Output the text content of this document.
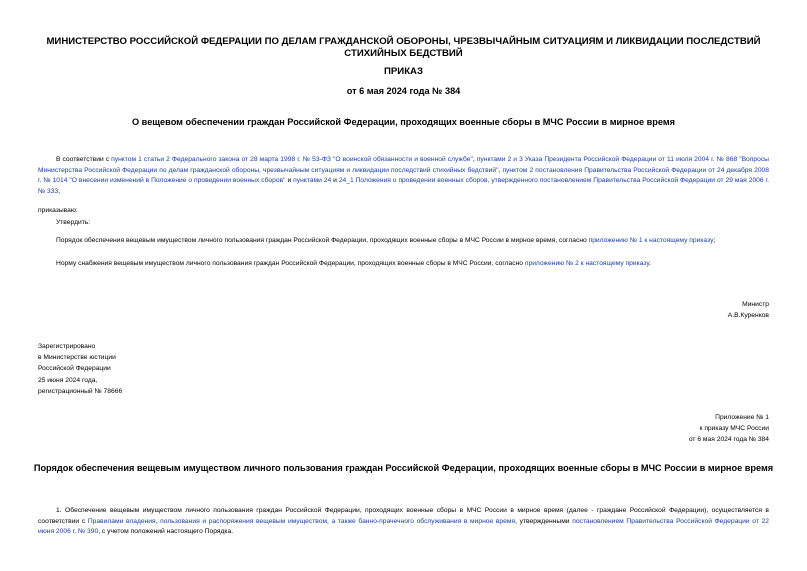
МИНИСТЕРСТВО РОССИЙСКОЙ ФЕДЕРАЦИИ ПО ДЕЛАМ ГРАЖДАНСКОЙ ОБОРОНЫ, ЧРЕЗВЫЧАЙНЫМ СИТУАЦИЯМ И ЛИКВИДАЦИИ ПОСЛЕДСТВИЙ СТИХИЙНЫХ БЕДСТВИЙ
ПРИКАЗ
от 6 мая 2024 года № 384
О вещевом обеспечении граждан Российской Федерации, проходящих военные сборы в МЧС России в мирное время
В соответствии с пунктом 1 статьи 2 Федерального закона от 28 марта 1998 г. № 53-ФЗ "О воинской обязанности и военной службе", пунктами 2 и 3 Указа Президента Российской Федерации от 11 июля 2004 г. № 868 "Вопросы Министерства Российской Федерации по делам гражданской обороны, чрезвычайным ситуациям и ликвидации последствий стихийных бедствий", пунктом 2 постановления Правительства Российской Федерации от 24 декабря 2008 г. № 1014 "О внесении изменений в Положение о проведении военных сборов" и пунктами 24 и 24_1 Положения о проведении военных сборов, утвержденного постановлением Правительства Российской Федерации от 29 мая 2006 г. № 333,
приказываю:
Утвердить:
Порядок обеспечения вещевым имуществом личного пользования граждан Российской Федерации, проходящих военные сборы в МЧС России в мирное время, согласно приложению № 1 к настоящему приказу;
Норму снабжения вещевым имуществом личного пользования граждан Российской Федерации, проходящих военные сборы в МЧС России, согласно приложению № 2 к настоящему приказу.
Министр
А.В.Куренков
Зарегистрировано
в Министерстве юстиции
Российской Федерации
25 июня 2024 года,
регистрационный № 78666
Приложение № 1
к приказу МЧС России
от 6 мая 2024 года № 384
Порядок обеспечения вещевым имуществом личного пользования граждан Российской Федерации, проходящих военные сборы в МЧС России в мирное время
1. Обеспечение вещевым имуществом личного пользования граждан Российской Федерации, проходящих военные сборы в МЧС России в мирное время (далее - граждане Российской Федерации), осуществляется в соответствии с Правилами владения, пользования и распоряжения вещевым имуществом, а также банно-прачечного обслуживания в мирное время, утвержденными постановлением Правительства Российской Федерации от 22 июня 2006 г. № 390, с учетом положений настоящего Порядка.
